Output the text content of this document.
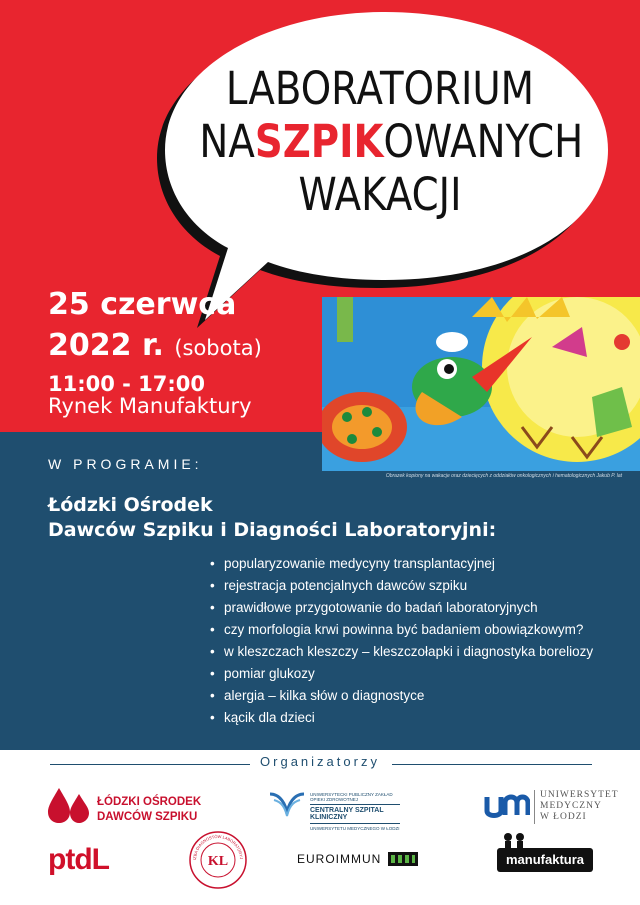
LABORATORIUM
NASZPIKOWANYCH
WAKACJI
25 czerwca
2022 r. (sobota)
11:00 - 17:00
Rynek Manufaktury
Obrazek kopiony na wakacje oraz dziecięcych z oddziałów onkologicznych i hematologicznych Jakub P. lat
W PROGRAMIE:
Łódzki Ośrodek
Dawców Szpiku i Diagności Laboratoryjni:
• popularyzowanie medycyny transplantacyjnej
• rejestracja potencjalnych dawców szpiku
• prawidłowe przygotowanie do badań laboratoryjnych
• czy morfologia krwi powinna być badaniem obowiązkowym?
• w kleszczach kleszczy – kleszczołapki i diagnostyka boreliozy
• pomiar glukozy
• alergia – kilka słów o diagnostyce
• kącik dla dzieci
Organizatorzy
ŁÓDZKI OŚRODEK
DAWCÓW SZPIKU
UNIWERSYTECKI PUBLICZNY ZAKŁAD OPIEKI ZDROWOTNEJ
CENTRALNY SZPITAL KLINICZNY
UNIWERSYTETU MEDYCZNEGO W ŁODZI
UNIWERSYTET
MEDYCZNY
W ŁODZI
ptdL	KL
IZBA DIAGNOSTÓW LABORATORYJ	EUROIMMUN	manufaktura
